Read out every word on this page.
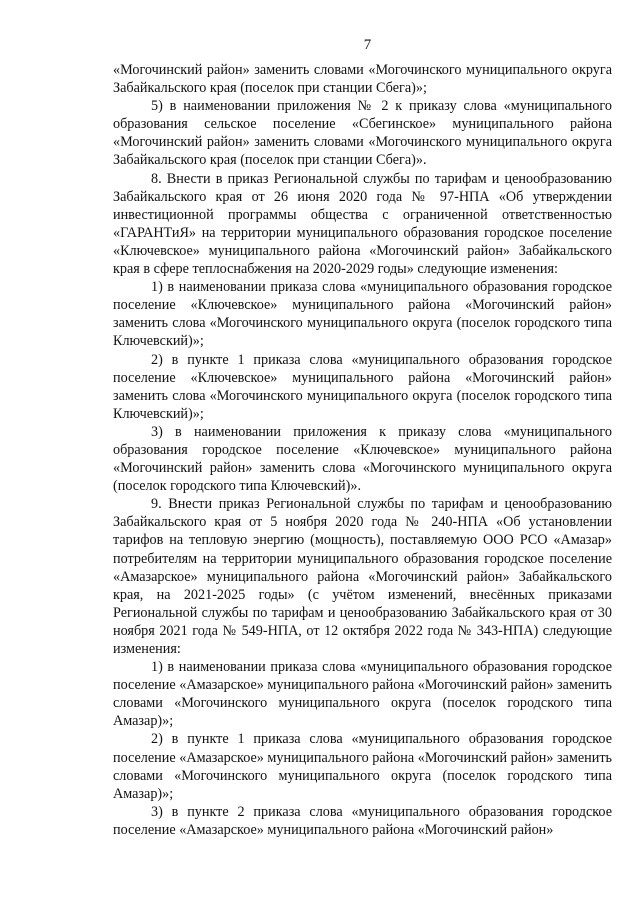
7

«Могочинский район» заменить словами «Могочинского муниципального округа Забайкальского края (поселок при станции Сбега)»;

5) в наименовании приложения № 2 к приказу слова «муниципального образования сельское поселение «Сбегинское» муниципального района «Могочинский район» заменить словами «Могочинского муниципального округа Забайкальского края (поселок при станции Сбега)».

8. Внести в приказ Региональной службы по тарифам и ценообразованию Забайкальского края от 26 июня 2020 года № 97-НПА «Об утверждении инвестиционной программы общества с ограниченной ответственностью «ГАРАНТиЯ» на территории муниципального образования городское поселение «Ключевское» муниципального района «Могочинский район» Забайкальского края в сфере теплоснабжения на 2020-2029 годы» следующие изменения:

1) в наименовании приказа слова «муниципального образования городское поселение «Ключевское» муниципального района «Могочинский район» заменить слова «Могочинского муниципального округа (поселок городского типа Ключевский)»;

2) в пункте 1 приказа слова «муниципального образования городское поселение «Ключевское» муниципального района «Могочинский район» заменить слова «Могочинского муниципального округа (поселок городского типа Ключевский)»;

3) в наименовании приложения к приказу слова «муниципального образования городское поселение «Ключевское» муниципального района «Могочинский район» заменить слова «Могочинского муниципального округа (поселок городского типа Ключевский)».

9. Внести приказ Региональной службы по тарифам и ценообразованию Забайкальского края от 5 ноября 2020 года № 240-НПА «Об установлении тарифов на тепловую энергию (мощность), поставляемую ООО РСО «Амазар» потребителям на территории муниципального образования городское поселение «Амазарское» муниципального района «Могочинский район» Забайкальского края, на 2021-2025 годы» (с учётом изменений, внесённых приказами Региональной службы по тарифам и ценообразованию Забайкальского края от 30 ноября 2021 года № 549-НПА, от 12 октября 2022 года № 343-НПА) следующие изменения:

1) в наименовании приказа слова «муниципального образования городское поселение «Амазарское» муниципального района «Могочинский район» заменить словами «Могочинского муниципального округа (поселок городского типа Амазар)»;

2) в пункте 1 приказа слова «муниципального образования городское поселение «Амазарское» муниципального района «Могочинский район» заменить словами «Могочинского муниципального округа (поселок городского типа Амазар)»;

3) в пункте 2 приказа слова «муниципального образования городское поселение «Амазарское» муниципального района «Могочинский район»
